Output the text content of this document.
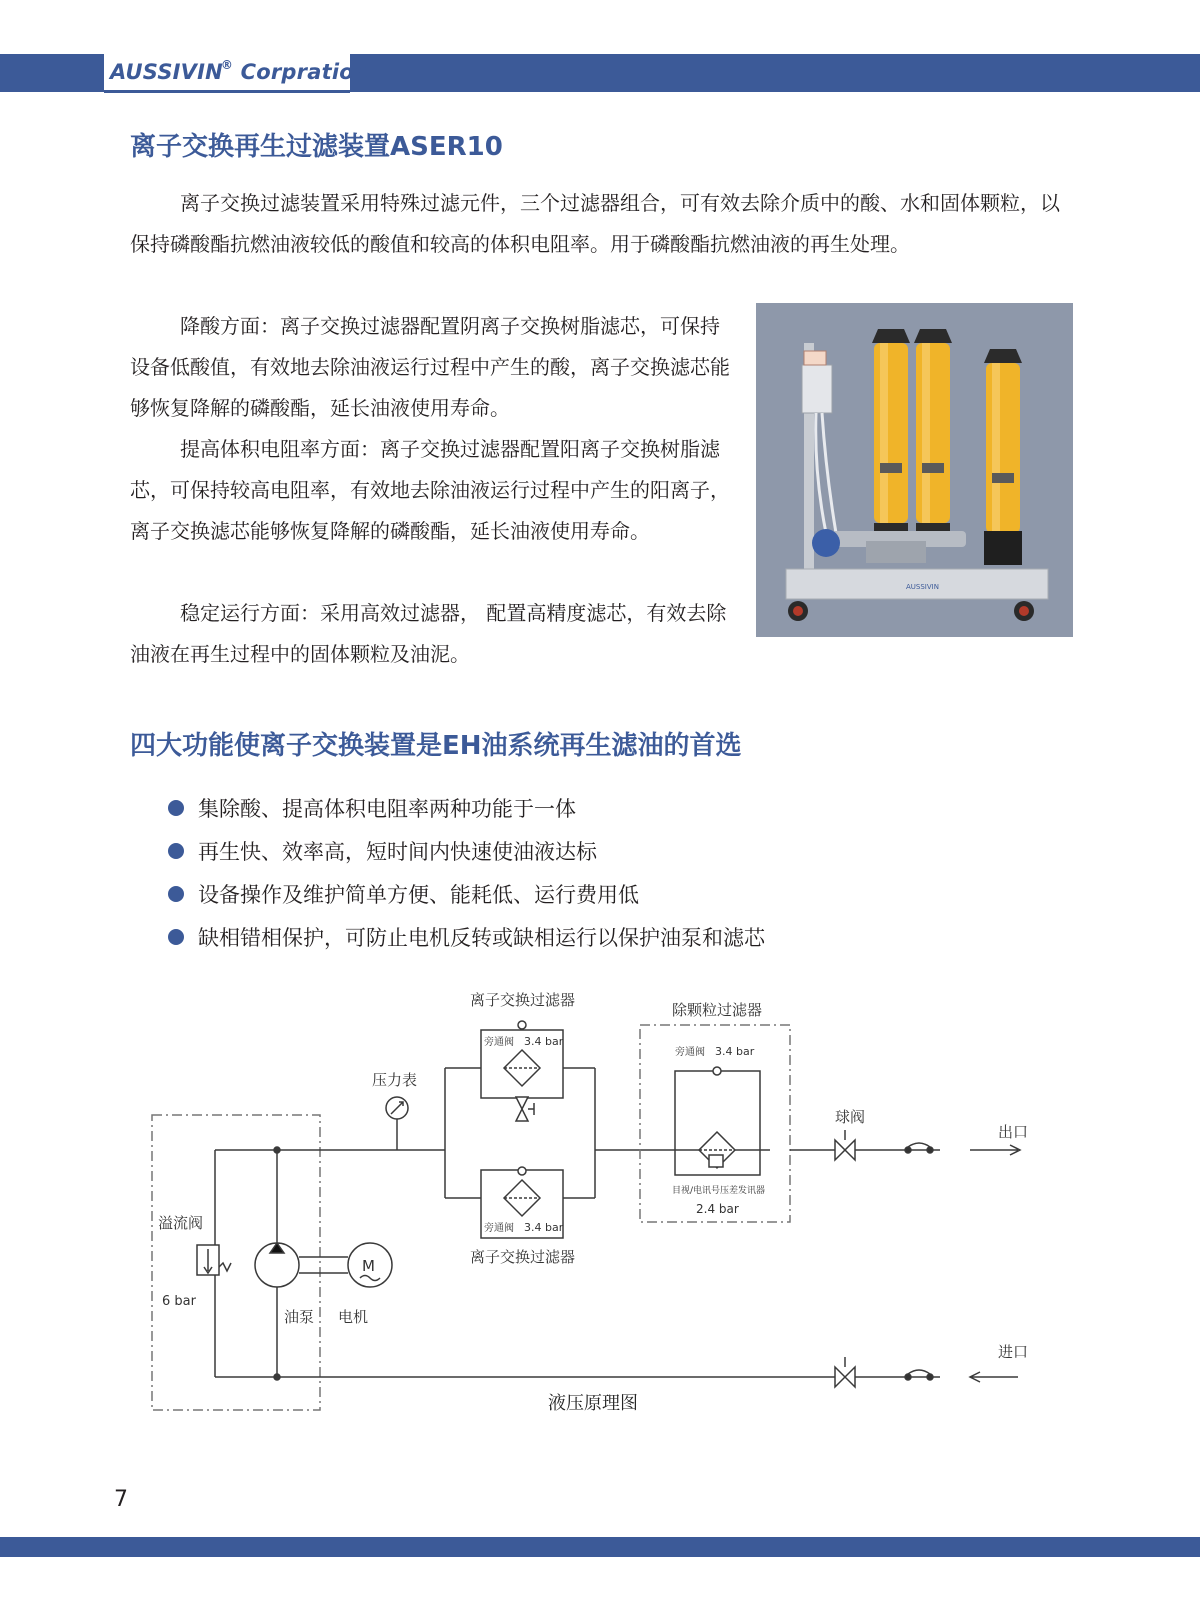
AUSSIVIN® Corpration
离子交换再生过滤装置ASER10

离子交换过滤装置采用特殊过滤元件，三个过滤器组合，可有效去除介质中的酸、水和固体颗粒，以保持磷酸酯抗燃油液较低的酸值和较高的体积电阻率。用于磷酸酯抗燃油液的再生处理。

降酸方面：离子交换过滤器配置阴离子交换树脂滤芯，可保持设备低酸值，有效地去除油液运行过程中产生的酸，离子交换滤芯能够恢复降解的磷酸酯，延长油液使用寿命。

提高体积电阻率方面：离子交换过滤器配置阳离子交换树脂滤芯，可保持较高电阻率，有效地去除油液运行过程中产生的阳离子，离子交换滤芯能够恢复降解的磷酸酯，延长油液使用寿命。

稳定运行方面：采用高效过滤器， 配置高精度滤芯，有效去除油液在再生过程中的固体颗粒及油泥。

AUSSIVIN
四大功能使离子交换装置是EH油系统再生滤油的首选
集除酸、提高体积电阻率两种功能于一体
再生快、效率高，短时间内快速使油液达标
设备操作及维护简单方便、能耗低、运行费用低
缺相错相保护，可防止电机反转或缺相运行以保护油泵和滤芯
溢流阀
6 bar
油泵
M
电机
压力表
旁通阀 3.4 bar
离子交换过滤器
旁通阀 3.4 bar
离子交换过滤器
除颗粒过滤器
旁通阀 3.4 bar
目视/电讯号压差发讯器
2.4 bar
球阀
出口
进口
液压原理图
7
